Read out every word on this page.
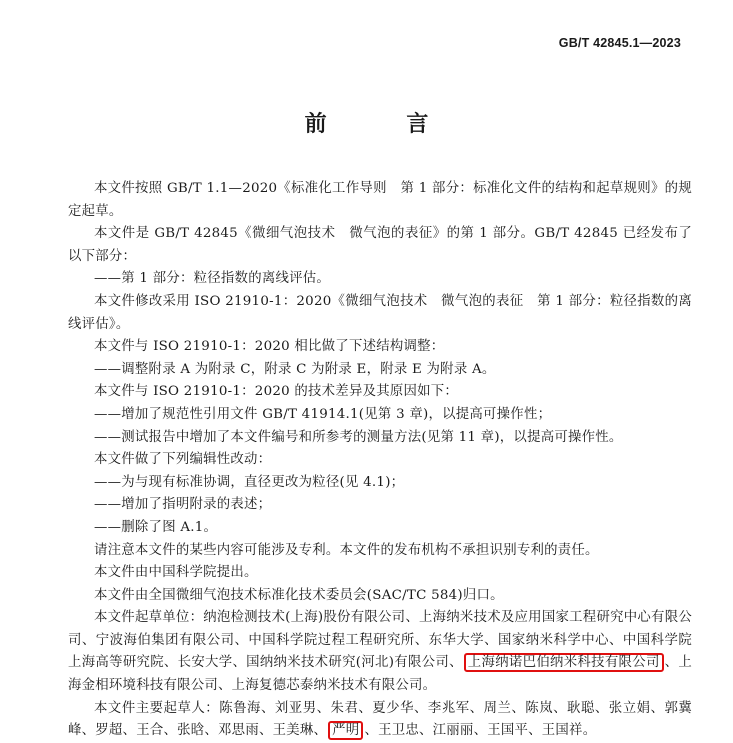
GB/T 42845.1—2023
前 言

本文件按照 GB/T 1.1—2020《标准化工作导则　第 1 部分：标准化文件的结构和起草规则》的规定起草。

本文件是 GB/T 42845《微细气泡技术　微气泡的表征》的第 1 部分。GB/T 42845 已经发布了以下部分：

——第 1 部分：粒径指数的离线评估。

本文件修改采用 ISO 21910-1：2020《微细气泡技术　微气泡的表征　第 1 部分：粒径指数的离线评估》。

本文件与 ISO 21910-1：2020 相比做了下述结构调整：

——调整附录 A 为附录 C，附录 C 为附录 E，附录 E 为附录 A。

本文件与 ISO 21910-1：2020 的技术差异及其原因如下：

——增加了规范性引用文件 GB/T 41914.1(见第 3 章)，以提高可操作性；

——测试报告中增加了本文件编号和所参考的测量方法(见第 11 章)，以提高可操作性。

本文件做了下列编辑性改动：

——为与现有标准协调，直径更改为粒径(见 4.1)；

——增加了指明附录的表述；

——删除了图 A.1。

请注意本文件的某些内容可能涉及专利。本文件的发布机构不承担识别专利的责任。

本文件由中国科学院提出。

本文件由全国微细气泡技术标准化技术委员会(SAC/TC 584)归口。

本文件起草单位：纳泡检测技术(上海)股份有限公司、上海纳米技术及应用国家工程研究中心有限公司、宁波海伯集团有限公司、中国科学院过程工程研究所、东华大学、国家纳米科学中心、中国科学院上海高等研究院、长安大学、国纳纳米技术研究(河北)有限公司、 上海纳诺巴伯纳米科技有限公司 、上海金相环境科技有限公司、上海复德芯泰纳米技术有限公司。

本文件主要起草人：陈鲁海、刘亚男、朱君、夏少华、李兆军、周兰、陈岚、耿聪、张立娟、郭冀峰、罗超、王合、张晗、邓思雨、王美琳、 严明 、王卫忠、江丽丽、王国平、王国祥。
